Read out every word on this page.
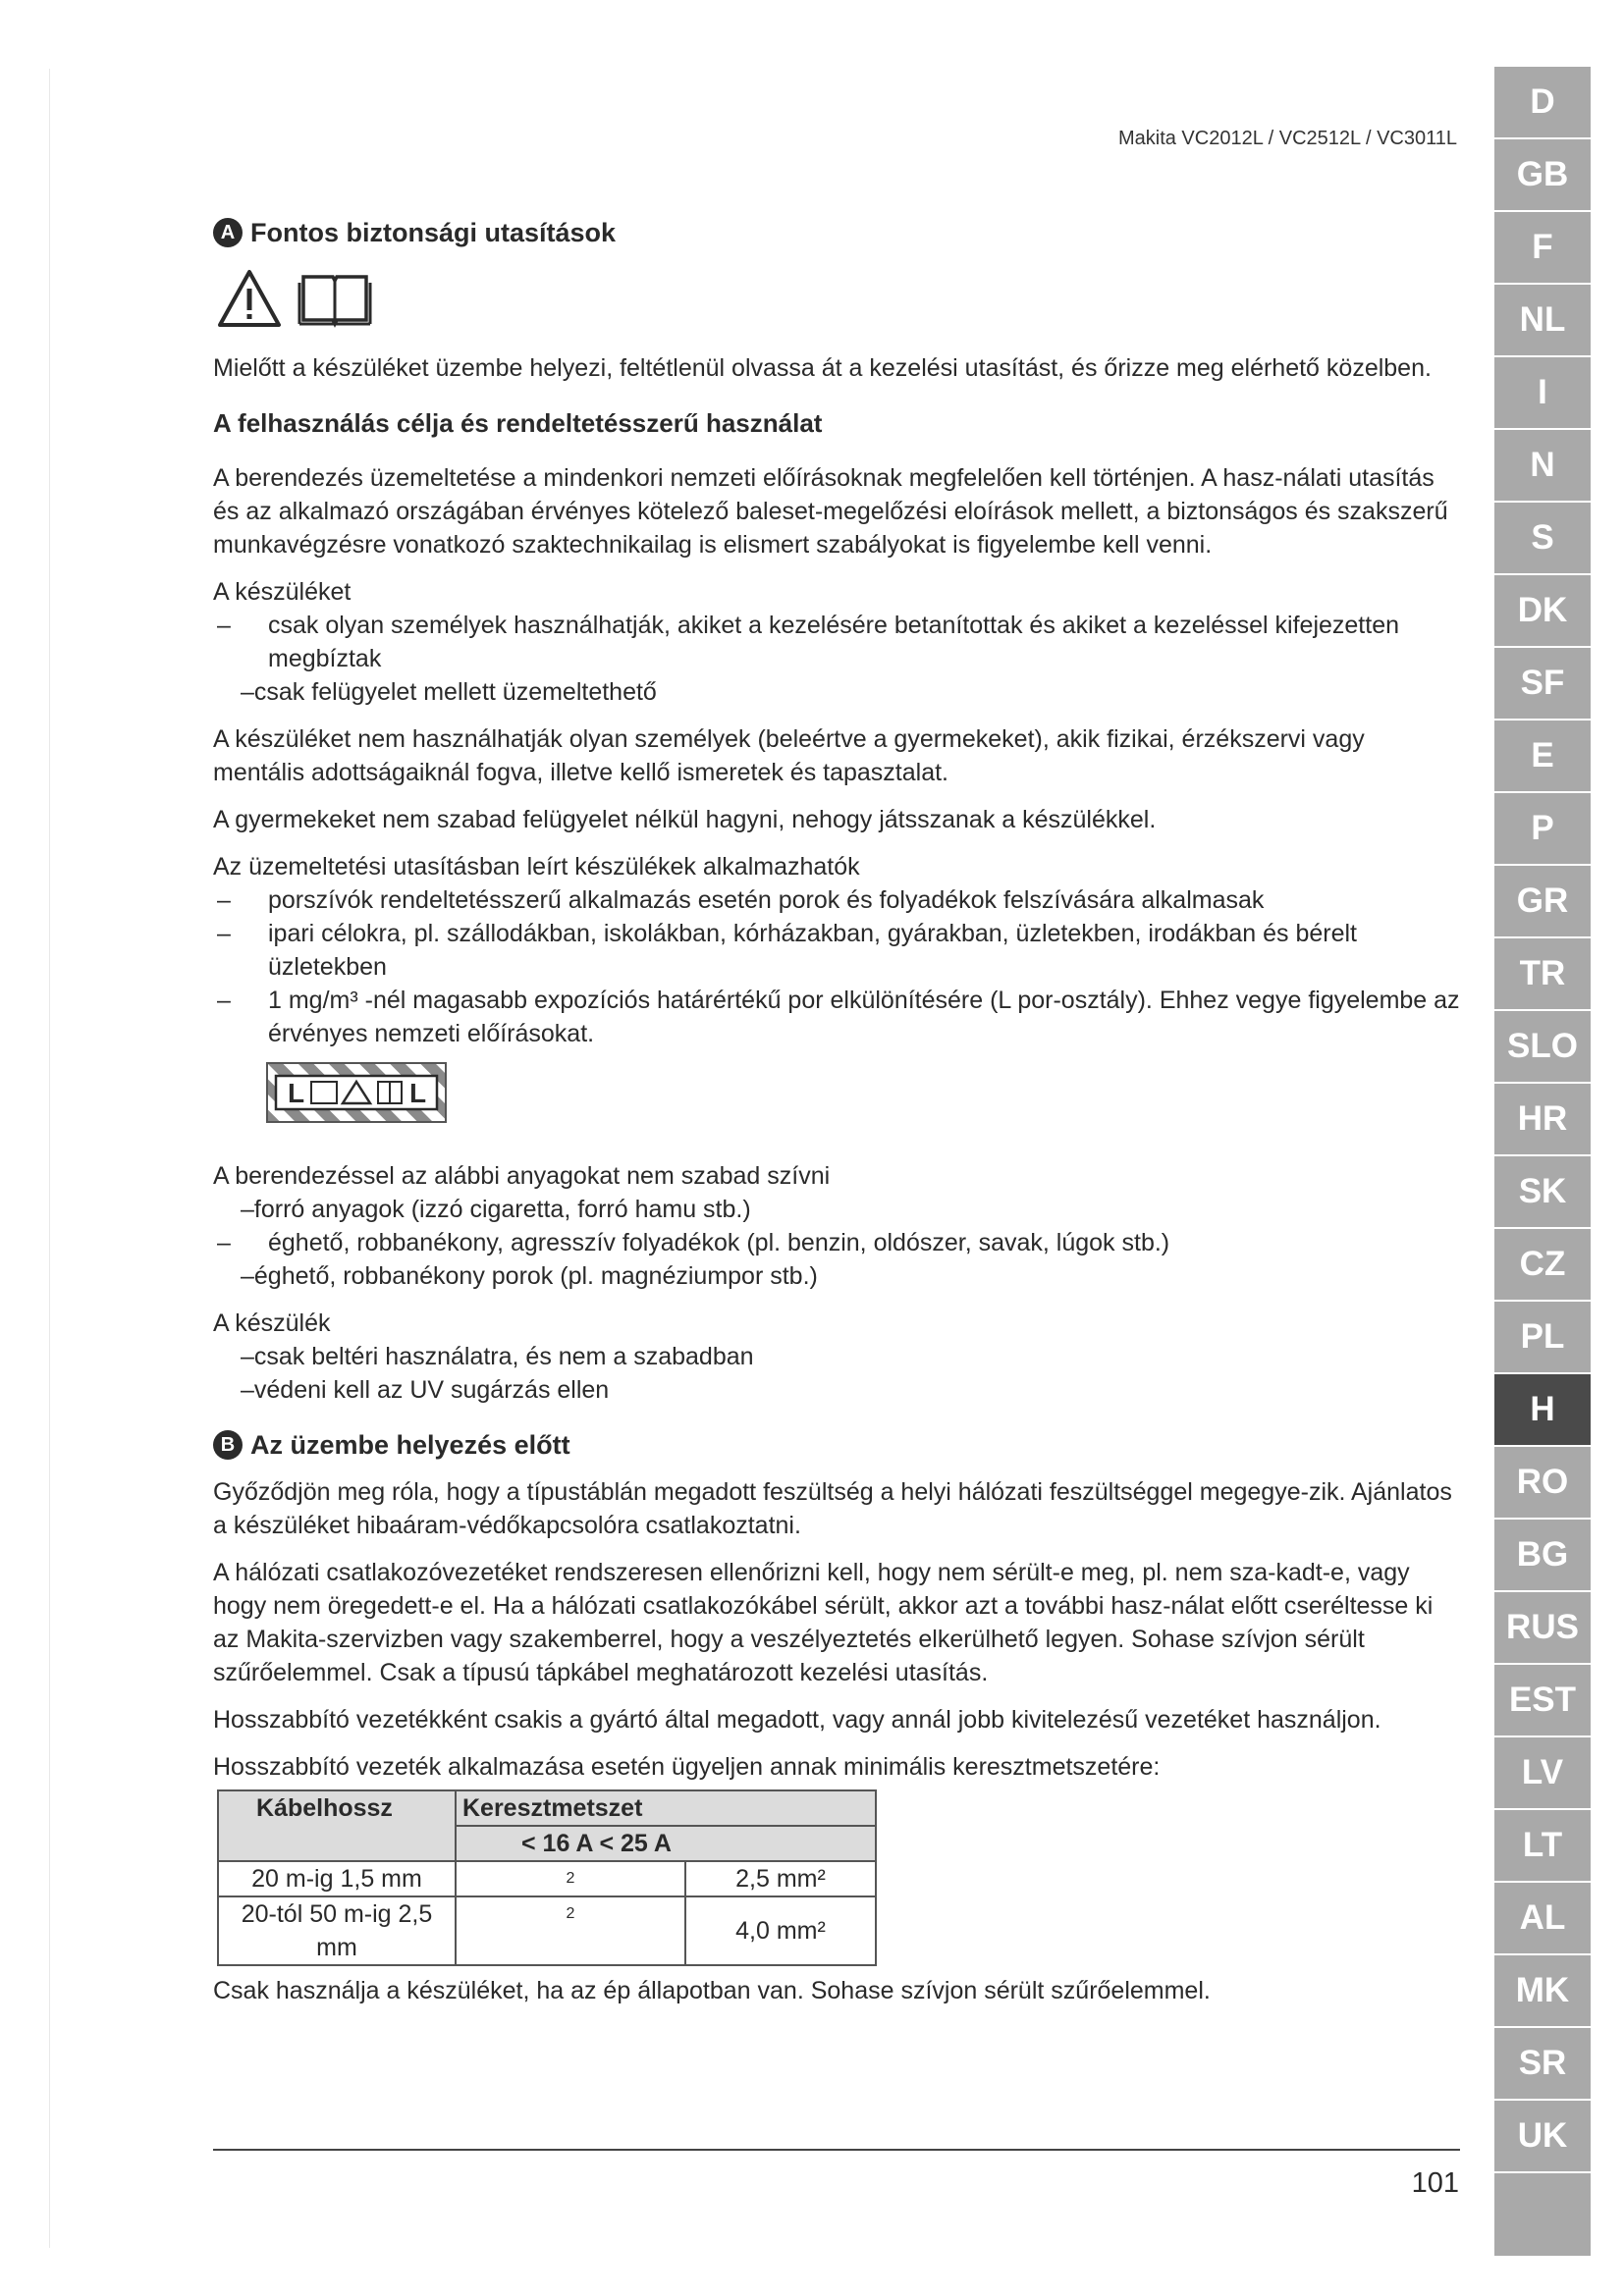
Makita VC2012L / VC2512L / VC3011L
A Fontos biztonsági utasítások

Mielőtt a készüléket üzembe helyezi, feltétlenül olvassa át a kezelési utasítást, és őrizze meg elérhető közelben.

A felhasználás célja és rendeltetésszerű használat

A berendezés üzemeltetése a mindenkori nemzeti előírásoknak megfelelően kell történjen. A hasz-nálati utasítás és az alkalmazó országában érvényes kötelező baleset-megelőzési eloírások mellett, a biztonságos és szakszerű munkavégzésre vonatkozó szaktechnikailag is elismert szabályokat is figyelembe kell venni.

A készüléket
– csak olyan személyek használhatják, akiket a kezelésére betanítottak és akiket a kezeléssel kifejezetten megbíztak
–csak felügyelet mellett üzemeltethető

A készüléket nem használhatják olyan személyek (beleértve a gyermekeket), akik fizikai, érzékszervi vagy mentális adottságaiknál fogva, illetve kellő ismeretek és tapasztalat.

A gyermekeket nem szabad felügyelet nélkül hagyni, nehogy játsszanak a készülékkel.

Az üzemeltetési utasításban leírt készülékek alkalmazhatók
– porszívók rendeltetésszerű alkalmazás esetén porok és folyadékok felszívására alkalmasak
– ipari célokra, pl. szállodákban, iskolákban, kórházakban, gyárakban, üzletekben, irodákban és bérelt üzletekben
– 1 mg/m³ -nél magasabb expozíciós határértékű por elkülönítésére (L por-osztály). Ehhez vegye figyelembe az érvényes nemzeti előírásokat.
L	L
A berendezéssel az alábbi anyagokat nem szabad szívni
–forró anyagok (izzó cigaretta, forró hamu stb.)
– éghető, robbanékony, agresszív folyadékok (pl. benzin, oldószer, savak, lúgok stb.)
–éghető, robbanékony porok (pl. magnéziumpor stb.)
A készülék
–csak beltéri használatra, és nem a szabadban
–védeni kell az UV sugárzás ellen
B Az üzembe helyezés előtt

Győződjön meg róla, hogy a típustáblán megadott feszültség a helyi hálózati feszültséggel megegye-zik. Ajánlatos a készüléket hibaáram-védőkapcsolóra csatlakoztatni.

A hálózati csatlakozóvezetéket rendszeresen ellenőrizni kell, hogy nem sérült-e meg, pl. nem sza-kadt-e, vagy hogy nem öregedett-e el. Ha a hálózati csatlakozókábel sérült, akkor azt a további hasz-nálat előtt cseréltesse ki az Makita-szervizben vagy szakemberrel, hogy a veszélyeztetés elkerülhető legyen. Sohase szívjon sérült szűrőelemmel. Csak a típusú tápkábel meghatározott kezelési utasítás.

Hosszabbító vezetékként csakis a gyártó által megadott, vagy annál jobb kivitelezésű vezetéket használjon.

Hosszabbító vezeték alkalmazása esetén ügyeljen annak minimális keresztmetszetére:

Kábelhossz	Keresztmetszet	
	< 16 A < 25 A	
20 m-ig 1,5 mm	2	2,5 mm²
20-tól 50 m-ig 2,5 mm	2	4,0 mm²

Csak használja a készüléket, ha az ép állapotban van. Sohase szívjon sérült szűrőelemmel.

101
D
GB
F
NL
I
N
S
DK
SF
E
P
GR
TR
SLO
HR
SK
CZ
PL
H
RO
BG
RUS
EST
LV
LT
AL
MK
SR
UK
